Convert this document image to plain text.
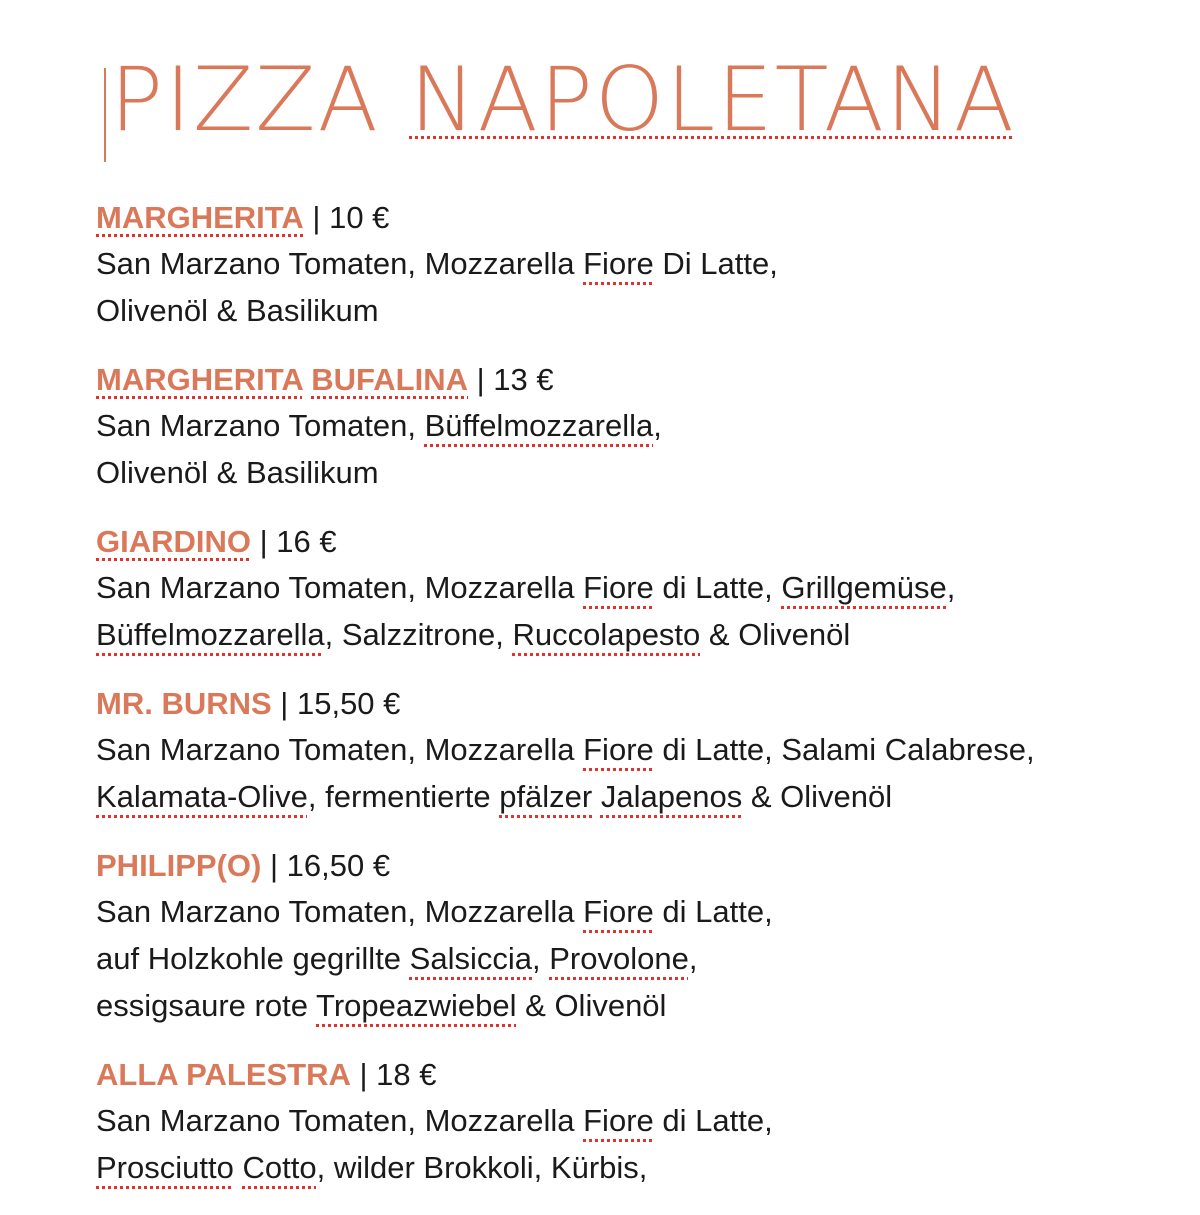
PIZZA NAPOLETANA
MARGHERITA | 10 €
San Marzano Tomaten, Mozzarella Fiore Di Latte,
Olivenöl & Basilikum
MARGHERITA BUFALINA | 13 €
San Marzano Tomaten, Büffelmozzarella,
Olivenöl & Basilikum
GIARDINO | 16 €
San Marzano Tomaten, Mozzarella Fiore di Latte, Grillgemüse,
Büffelmozzarella, Salzzitrone, Ruccolapesto & Olivenöl
MR. BURNS | 15,50 €
San Marzano Tomaten, Mozzarella Fiore di Latte, Salami Calabrese,
Kalamata-Olive, fermentierte pfälzer Jalapenos & Olivenöl
PHILIPP(O) | 16,50 €
San Marzano Tomaten, Mozzarella Fiore di Latte,
auf Holzkohle gegrillte Salsiccia, Provolone,
essigsaure rote Tropeazwiebel & Olivenöl
ALLA PALESTRA | 18 €
San Marzano Tomaten, Mozzarella Fiore di Latte,
Prosciutto Cotto, wilder Brokkoli, Kürbis,
